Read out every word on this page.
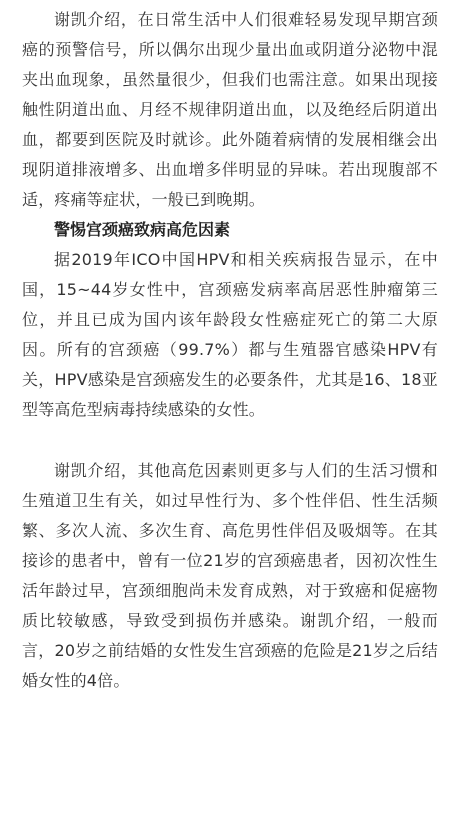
谢凯介绍，在日常生活中人们很难轻易发现早期宫颈癌的预警信号，所以偶尔出现少量出血或阴道分泌物中混夹出血现象，虽然量很少，但我们也需注意。如果出现接触性阴道出血、月经不规律阴道出血，以及绝经后阴道出血，都要到医院及时就诊。此外随着病情的发展相继会出现阴道排液增多、出血增多伴明显的异味。若出现腹部不适，疼痛等症状，一般已到晚期。

警惕宫颈癌致病高危因素

据2019年ICO中国HPV和相关疾病报告显示，在中国，15~44岁女性中，宫颈癌发病率高居恶性肿瘤第三位，并且已成为国内该年龄段女性癌症死亡的第二大原因。所有的宫颈癌（99.7%）都与生殖器官感染HPV有关，HPV感染是宫颈癌发生的必要条件，尤其是16、18亚型等高危型病毒持续感染的女性。

谢凯介绍，其他高危因素则更多与人们的生活习惯和生殖道卫生有关，如过早性行为、多个性伴侣、性生活频繁、多次人流、多次生育、高危男性伴侣及吸烟等。在其接诊的患者中，曾有一位21岁的宫颈癌患者，因初次性生活年龄过早，宫颈细胞尚未发育成熟，对于致癌和促癌物质比较敏感，导致受到损伤并感染。谢凯介绍，一般而言，20岁之前结婚的女性发生宫颈癌的危险是21岁之后结婚女性的4倍。
